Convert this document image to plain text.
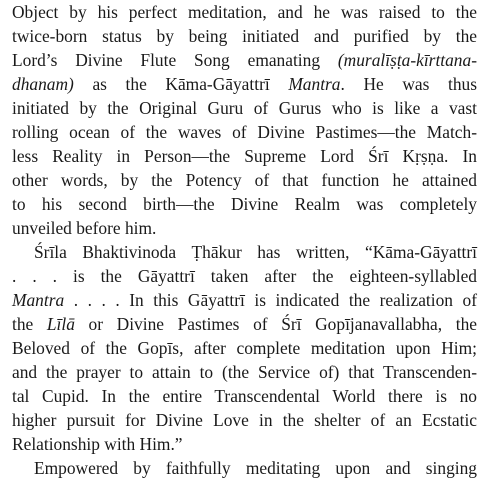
Object by his perfect meditation, and he was raised to the
twice-born status by being initiated and purified by the
Lord’s Divine Flute Song emanating (muralīṣṭa-kīrttana-
dhanam) as the Kāma-Gāyattrī Mantra. He was thus
initiated by the Original Guru of Gurus who is like a vast
rolling ocean of the waves of Divine Pastimes—the Match-
less Reality in Person—the Supreme Lord Śrī Kṛṣṇa. In
other words, by the Potency of that function he attained
to his second birth—the Divine Realm was completely
unveiled before him.
Śrīla Bhaktivinoda Ṭhākur has written, “Kāma-Gāyattrī
. . . is the Gāyattrī taken after the eighteen-syllabled
Mantra . . . . In this Gāyattrī is indicated the realization of
the Līlā or Divine Pastimes of Śrī Gopījanavallabha, the
Beloved of the Gopīs, after complete meditation upon Him;
and the prayer to attain to (the Service of) that Transcenden-
tal Cupid. In the entire Transcendental World there is no
higher pursuit for Divine Love in the shelter of an Ecstatic
Relationship with Him.”
Empowered by faithfully meditating upon and singing
